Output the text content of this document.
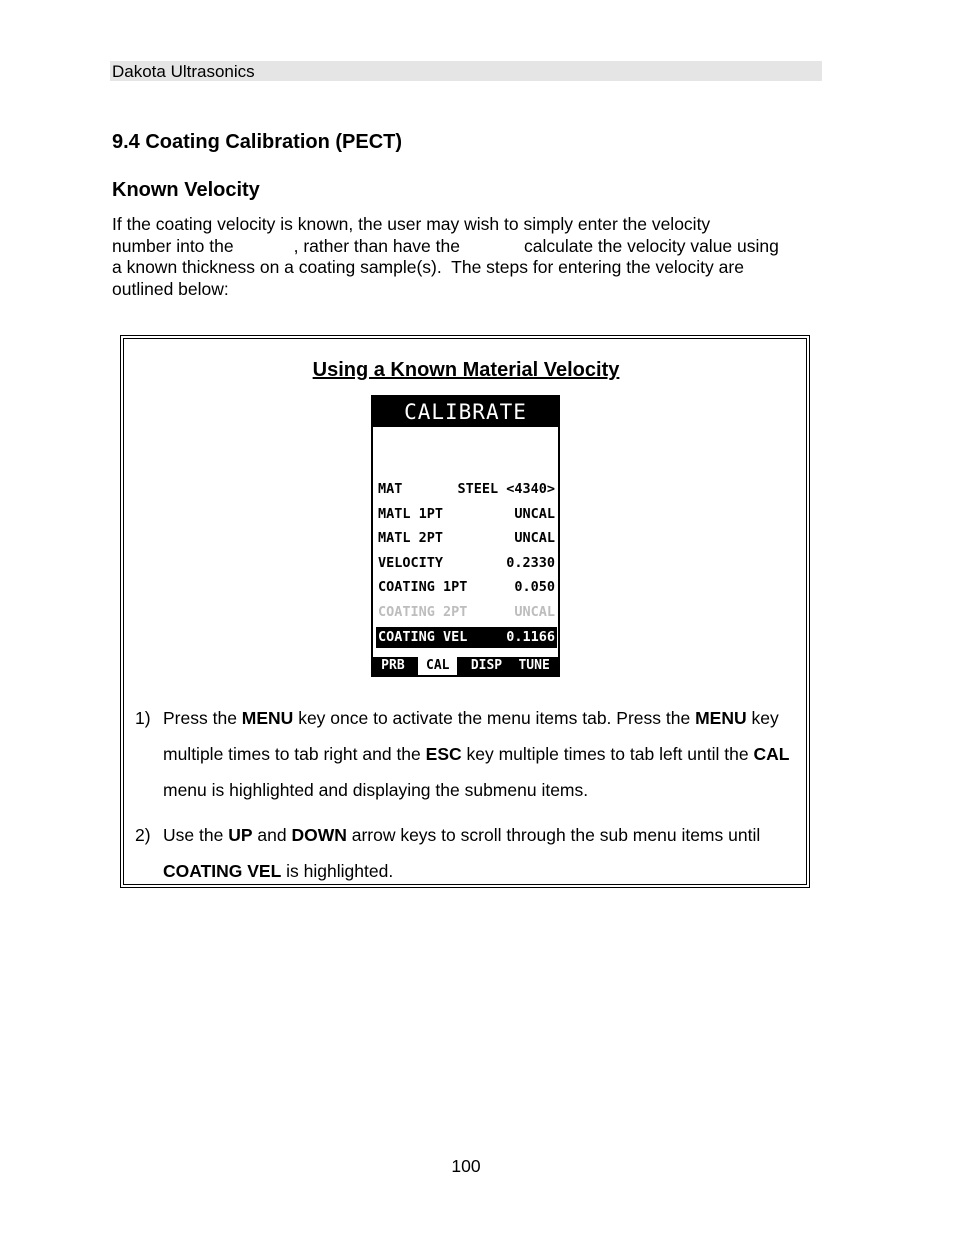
Dakota Ultrasonics
9.4 Coating Calibration (PECT)
Known Velocity
If the coating velocity is known, the user may wish to simply enter the velocity
number into the	, rather than have the	calculate the velocity value using
a known thickness on a coating sample(s).  The steps for entering the velocity are
outlined below:
Using a Known Material Velocity
CALIBRATE
MAT	STEEL <4340>
MATL 1PT	UNCAL
MATL 2PT	UNCAL
VELOCITY	0.2330
COATING 1PT	0.050
COATING 2PT	UNCAL
COATING VEL	0.1166
PRB	CAL	DISP TUNE
1) Press the MENU key once to activate the menu items tab. Press the MENU key multiple times to tab right and the ESC key multiple times to tab left until the CAL menu is highlighted and displaying the submenu items.
2) Use the UP and DOWN arrow keys to scroll through the sub menu items until COATING VEL is highlighted.
100
